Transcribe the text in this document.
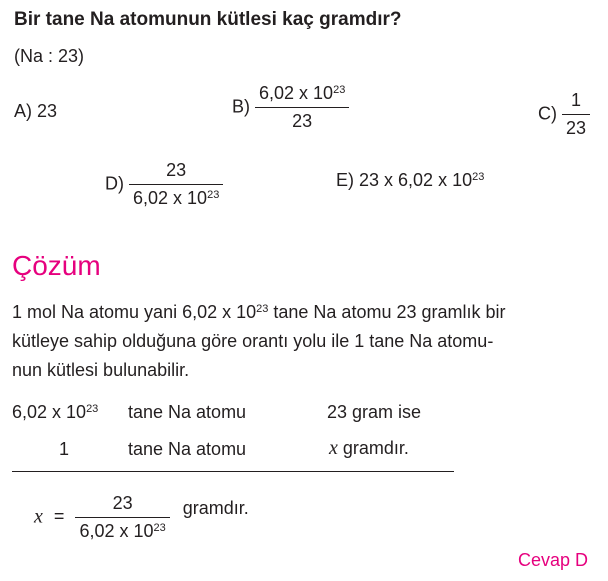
Bir tane Na atomunun kütlesi kaç gramdır?
(Na : 23)
A) 23	$B) \frac{6,02 x 10^{23}}{23}$	$C) \frac{1}{23}$
$D) \frac{23}{6,02 x 10^{23}}$	E) 23 x 6,02 x $10^{23}$
Çözüm
1 mol Na atomu yani 6,02 x $10^{23}$ tane Na atomu 23 gramlık bir
kütleye sahip olduğuna göre orantı yolu ile 1 tane Na atomu-
nun kütlesi bulunabilir.
6,02 x $10^{23}$ tane Na atomu	23 gram ise
1	tane Na atomu	x gramdır.
$x = \frac{23}{6,02 x 10^{23}}$ gramdır.
Cevap D
